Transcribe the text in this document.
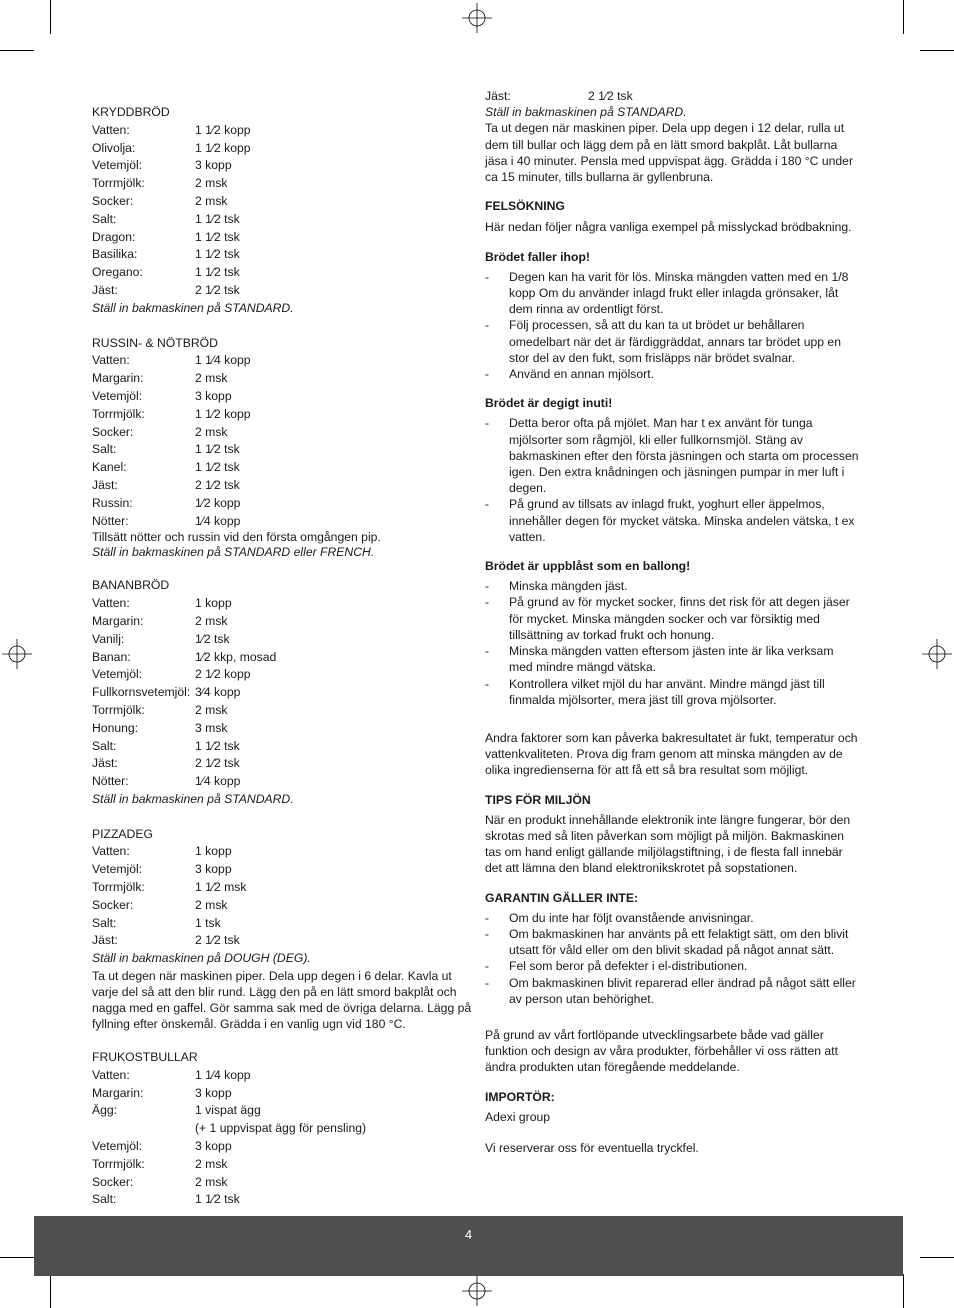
KRYDDBRÖD
Vatten:	1 1⁄2 kopp
Olivolja:	1 1⁄2 kopp
Vetemjöl:	3 kopp
Torrmjölk:	2 msk
Socker:	2 msk
Salt:	1 1⁄2 tsk
Dragon:	1 1⁄2 tsk
Basilika:	1 1⁄2 tsk
Oregano:	1 1⁄2 tsk
Jäst:	2 1⁄2 tsk
Ställ in bakmaskinen på STANDARD.
RUSSIN- & NÖTBRÖD
Vatten:	1 1⁄4 kopp
Margarin:	2 msk
Vetemjöl:	3 kopp
Torrmjölk:	1 1⁄2 kopp
Socker:	2 msk
Salt:	1 1⁄2 tsk
Kanel:	1 1⁄2 tsk
Jäst:	2 1⁄2 tsk
Russin:	1⁄2 kopp
Nötter:	1⁄4 kopp
Tillsätt nötter och russin vid den första omgången pip.
Ställ in bakmaskinen på STANDARD eller FRENCH.
BANANBRÖD
Vatten:	1 kopp
Margarin:	2 msk
Vanilj:	1⁄2 tsk
Banan:	1⁄2 kkp, mosad
Vetemjöl:	2 1⁄2 kopp
Fullkornsvetemjöl: 3⁄4 kopp
Torrmjölk:	2 msk
Honung:	3 msk
Salt:	1 1⁄2 tsk
Jäst:	2 1⁄2 tsk
Nötter:	1⁄4 kopp
Ställ in bakmaskinen på STANDARD.
PIZZADEG
Vatten:	1 kopp
Vetemjöl:	3 kopp
Torrmjölk:	1 1⁄2 msk
Socker:	2 msk
Salt:	1 tsk
Jäst:	2 1⁄2 tsk
Ställ in bakmaskinen på DOUGH (DEG).
Ta ut degen när maskinen piper. Dela upp degen i 6 delar. Kavla ut varje del så att den blir rund. Lägg den på en lätt smord bakplåt och nagga med en gaffel. Gör samma sak med de övriga delarna. Lägg på fyllning efter önskemål. Grädda i en vanlig ugn vid 180 °C.
FRUKOSTBULLAR
Vatten:	1 1⁄4 kopp
Margarin:	3 kopp
Ägg:	1 vispat ägg
(+ 1 uppvispat ägg för pensling)
Vetemjöl:	3 kopp
Torrmjölk:	2 msk
Socker:	2 msk
Salt:	1 1⁄2 tsk
Jäst:	2 1⁄2 tsk
Ställ in bakmaskinen på STANDARD.
Ta ut degen när maskinen piper. Dela upp degen i 12 delar, rulla ut dem till bullar och lägg dem på en lätt smord bakplåt. Låt bullarna jäsa i 40 minuter. Pensla med uppvispat ägg. Grädda i 180 °C under ca 15 minuter, tills bullarna är gyllenbruna.
FELSÖKNING

Här nedan följer några vanliga exempel på misslyckad brödbakning.

Brödet faller ihop!
- Degen kan ha varit för lös. Minska mängden vatten med en 1/8 kopp Om du använder inlagd frukt eller inlagda grönsaker, låt dem rinna av ordentligt först.
- Följ processen, så att du kan ta ut brödet ur behållaren omedelbart när det är färdiggräddat, annars tar brödet upp en stor del av den fukt, som frisläpps när brödet svalnar.
- Använd en annan mjölsort.
Brödet är degigt inuti!
- Detta beror ofta på mjölet. Man har t ex använt för tunga mjölsorter som rågmjöl, kli eller fullkornsmjöl. Stäng av bakmaskinen efter den första jäsningen och starta om processen igen. Den extra knådningen och jäsningen pumpar in mer luft i degen.
- På grund av tillsats av inlagd frukt, yoghurt eller äppelmos, innehåller degen för mycket vätska. Minska andelen vätska, t ex vatten.
Brödet är uppblåst som en ballong!
- Minska mängden jäst.
- På grund av för mycket socker, finns det risk för att degen jäser för mycket. Minska mängden socker och var försiktig med tillsättning av torkad frukt och honung.
- Minska mängden vatten eftersom jästen inte är lika verksam med mindre mängd vätska.
- Kontrollera vilket mjöl du har använt. Mindre mängd jäst till finmalda mjölsorter, mera jäst till grova mjölsorter.

Andra faktorer som kan påverka bakresultatet är fukt, temperatur och vattenkvaliteten. Prova dig fram genom att minska mängden av de olika ingredienserna för att få ett så bra resultat som möjligt.

TIPS FÖR MILJÖN

När en produkt innehållande elektronik inte längre fungerar, bör den skrotas med så liten påverkan som möjligt på miljön. Bakmaskinen tas om hand enligt gällande miljölagstiftning, i de flesta fall innebär det att lämna den bland elektronikskrotet på sopstationen.

GARANTIN GÄLLER INTE:
- Om du inte har följt ovanstående anvisningar.
- Om bakmaskinen har använts på ett felaktigt sätt, om den blivit utsatt för våld eller om den blivit skadad på något annat sätt.
- Fel som beror på defekter i el-distributionen.
- Om bakmaskinen blivit reparerad eller ändrad på något sätt eller av person utan behörighet.

På grund av vårt fortlöpande utvecklingsarbete både vad gäller funktion och design av våra produkter, förbehåller vi oss rätten att ändra produkten utan föregående meddelande.

IMPORTÖR:

Adexi group

Vi reserverar oss för eventuella tryckfel.

4
